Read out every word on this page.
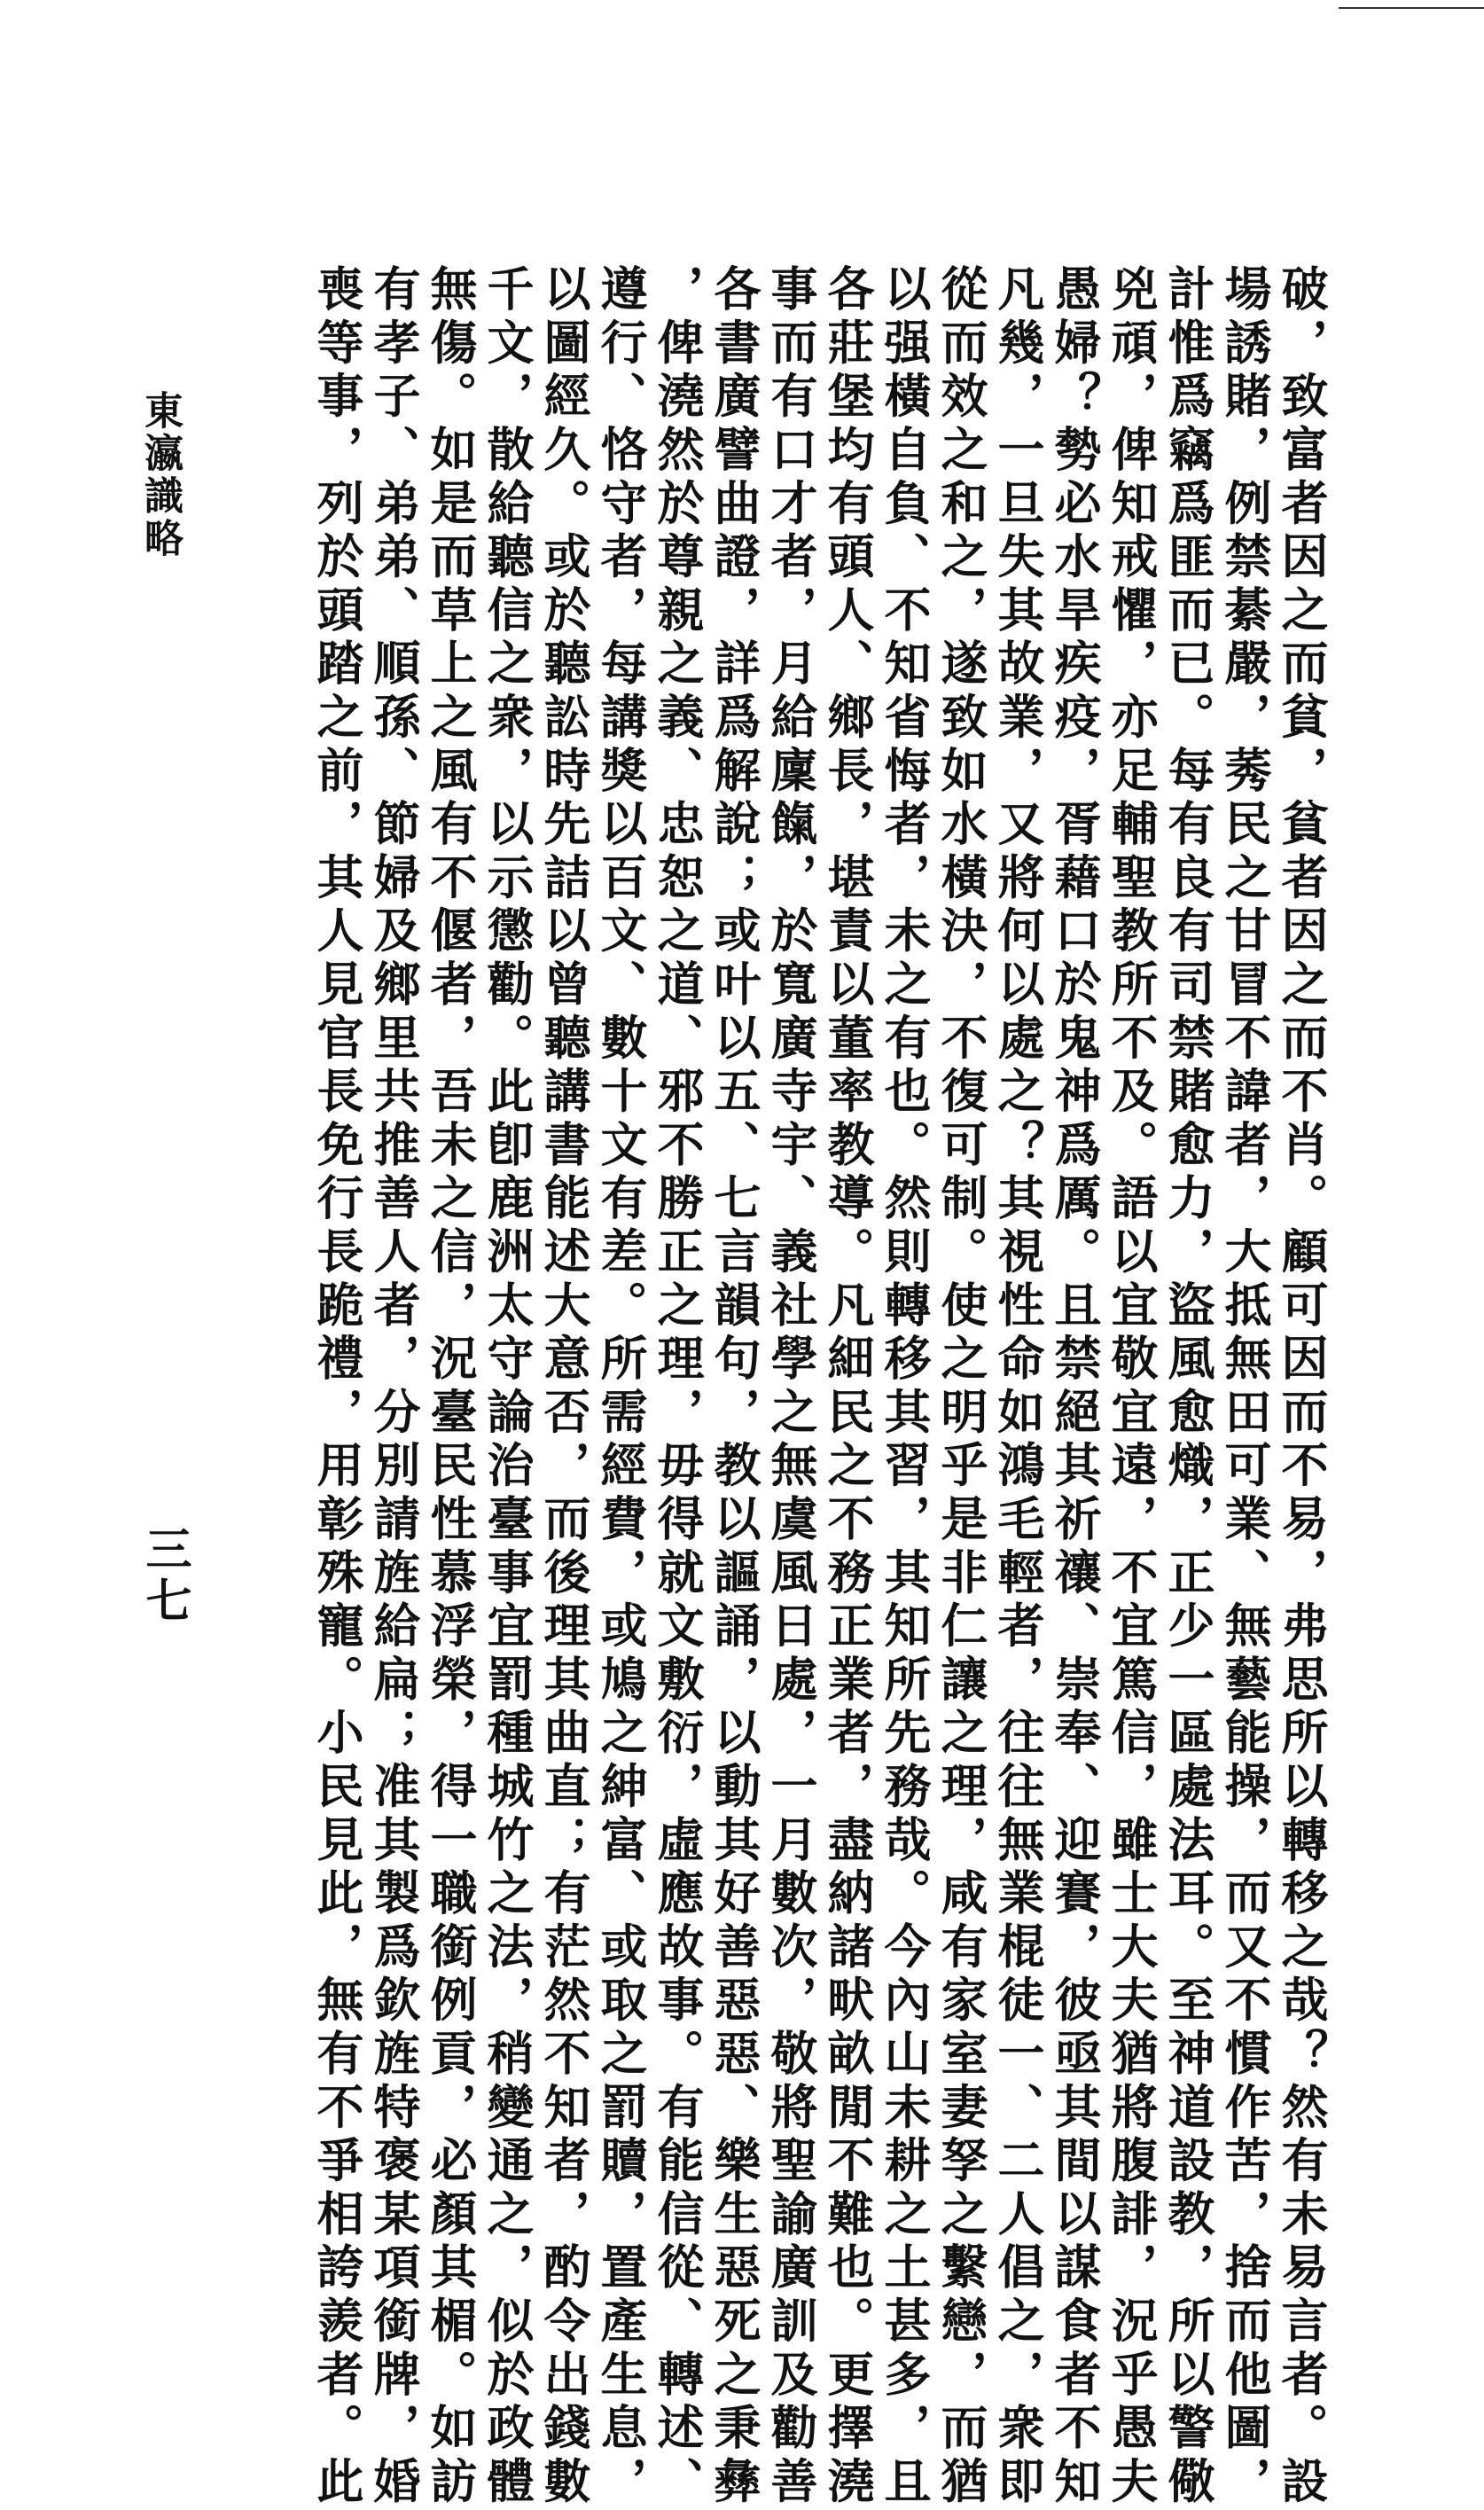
破，致富者因之而貧，貧者因之而不肖。顧可因而不易，弗思所以轉移之哉？然有未易言者。設
場誘賭，例禁綦嚴，莠民之甘冒不諱者，大抵無田可業、無藝能操，而又不慣作苦，捨而他圖，
計惟爲竊爲匪而已。每有良有司禁賭愈力，盜風愈熾，正少一區處法耳。至神道設教，所以警儆
兇頑，俾知戒懼，亦足輔聖教所不及。語以宜敬宜遠，不宜篤信，雖士大夫猶將腹誹，況乎愚夫
愚婦？勢必水旱疾疫，胥藉口於鬼神爲厲。且禁絕其祈禳、崇奉、迎賽，彼亟其間以謀食者不知
凡幾，一旦失其故業，又將何以處之？其視性命如鴻毛輕者，往往無業棍徒一、二人倡之，衆即
從而效之和之，遂致如水橫決，不復可制。使之明乎是非仁讓之理，咸有家室妻孥之繫戀，而猶
以强橫自負、不知省悔者，未之有也。然則轉移其習，其知所先務哉。今內山未耕之土甚多，且
各莊堡均有頭人、鄉長，堪責以董率教導。凡細民之不務正業者，盡納諸畎畝閒不難也。更擇澆
事而有口才者，月給廩餼，於寬廣寺宇、義社學之無虞風日處，一月數次，敬將聖諭廣訓及勸善
各書廣譬曲證，詳爲解說；或叶以五、七言韻句，教以謳誦，以動其好善惡惡、樂生惡死之秉彝
，俾澆然於尊親之義、忠恕之道、邪不勝正之理，毋得就文敷衍，虛應故事。有能信從、轉述、
遵行、恪守者，每講獎以百文、數十文有差。所需經費，或鳩之紳富、或取之罰贖，置產生息，
以圖經久。或於聽訟時先詰以曾聽講書能述大意否，而後理其曲直；有茫然不知者，酌令出錢數
千文，散給聽信之衆，以示懲勸。此卽鹿洲太守論治臺事宜罰種城竹之法，稍變通之，似於政體
無傷。如是而草上之風有不偃者，吾未之信，況臺民性慕浮榮，得一職銜例貢，必顏其楣。如訪
有孝子、弟弟、順孫、節婦及鄉里共推善人者，分別請旌給扁；准其製爲欽旌特褒某項銜牌，婚
喪等事，列於頭踏之前，其人見官長免行長跪禮，用彰殊寵。小民見此，無有不爭相誇羨者。此
東瀛識略
三七
